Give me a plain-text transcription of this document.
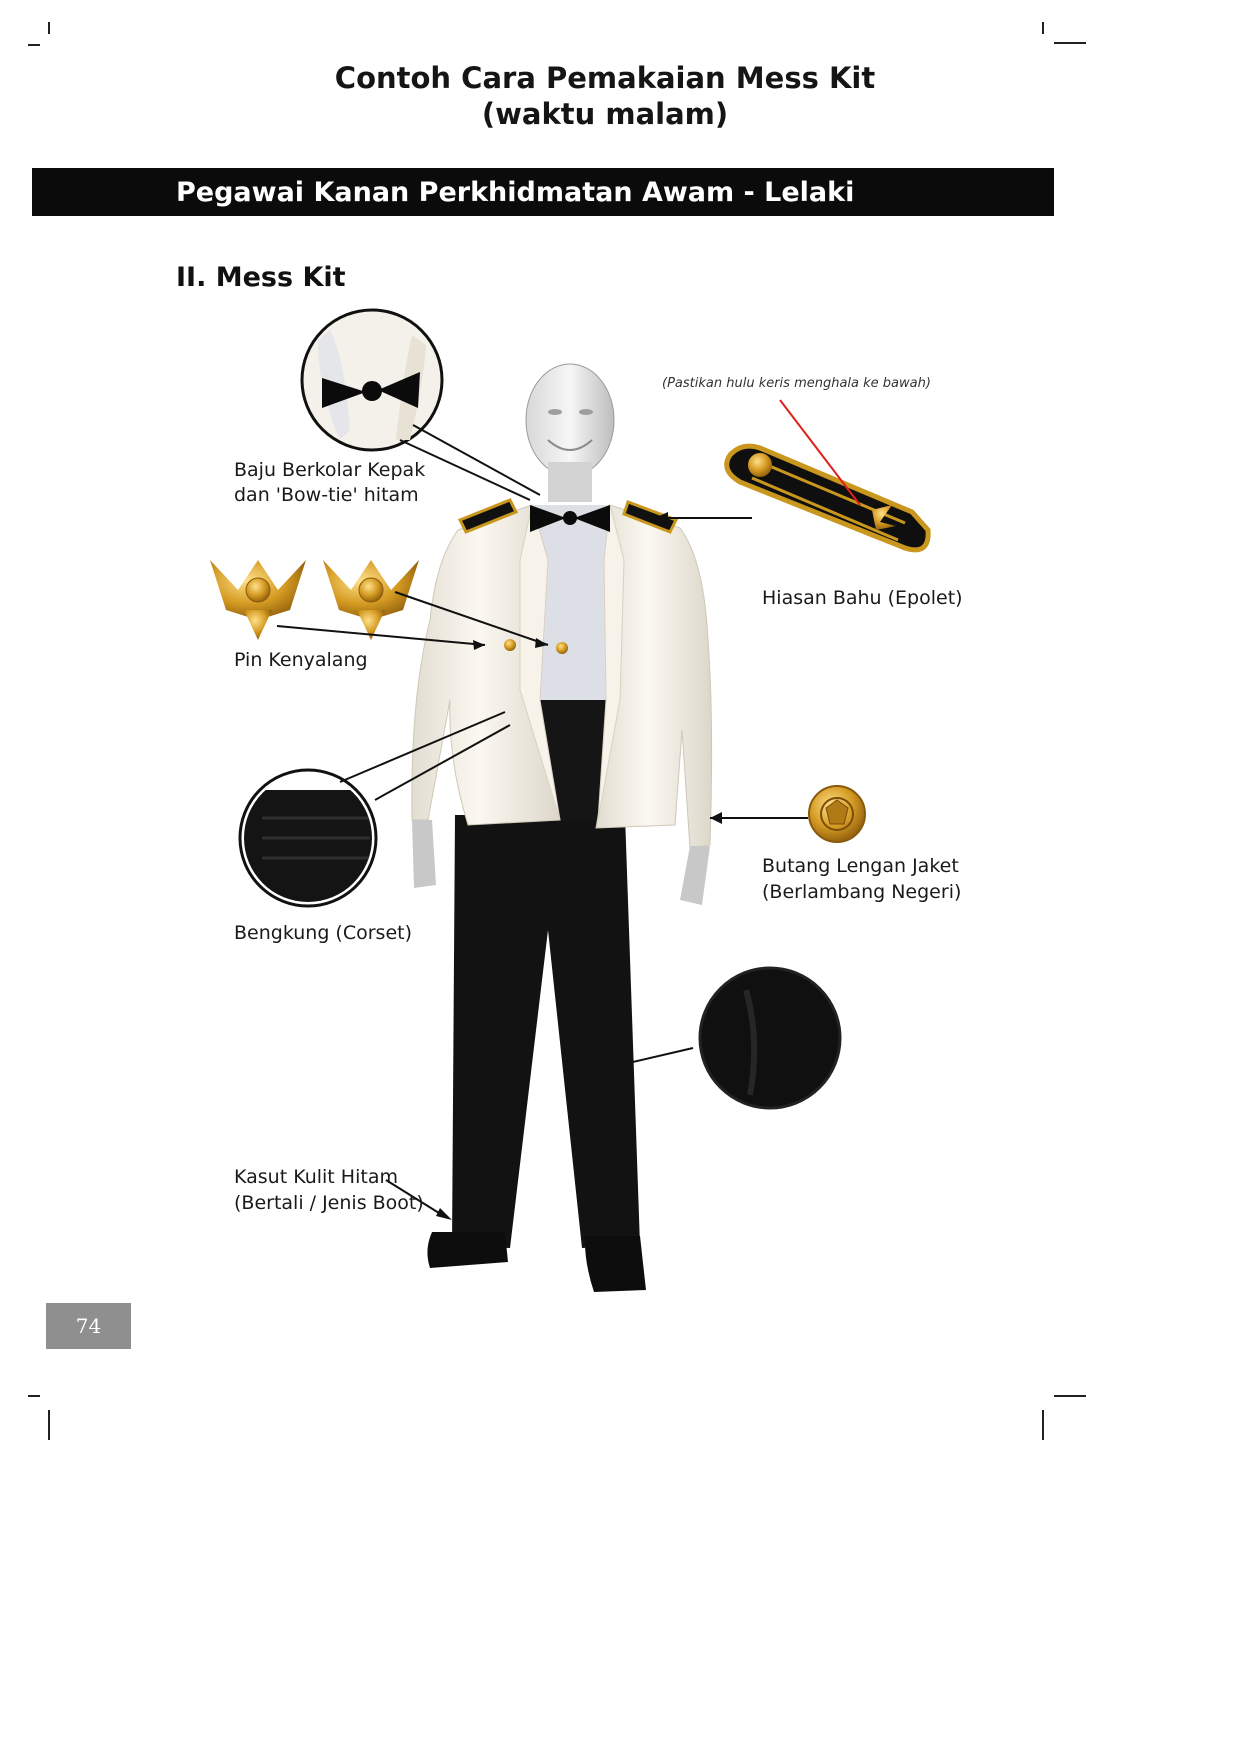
Contoh Cara Pemakaian Mess Kit
(waktu malam)
Pegawai Kanan Perkhidmatan Awam - Lelaki
II. Mess Kit
Baju Berkolar Kepak
dan 'Bow-tie' hitam
Pin Kenyalang
Bengkung (Corset)
Kasut Kulit Hitam
(Bertali / Jenis Boot)
(Pastikan hulu keris menghala ke bawah)
Hiasan Bahu (Epolet)
Butang Lengan Jaket
(Berlambang Negeri)
74
